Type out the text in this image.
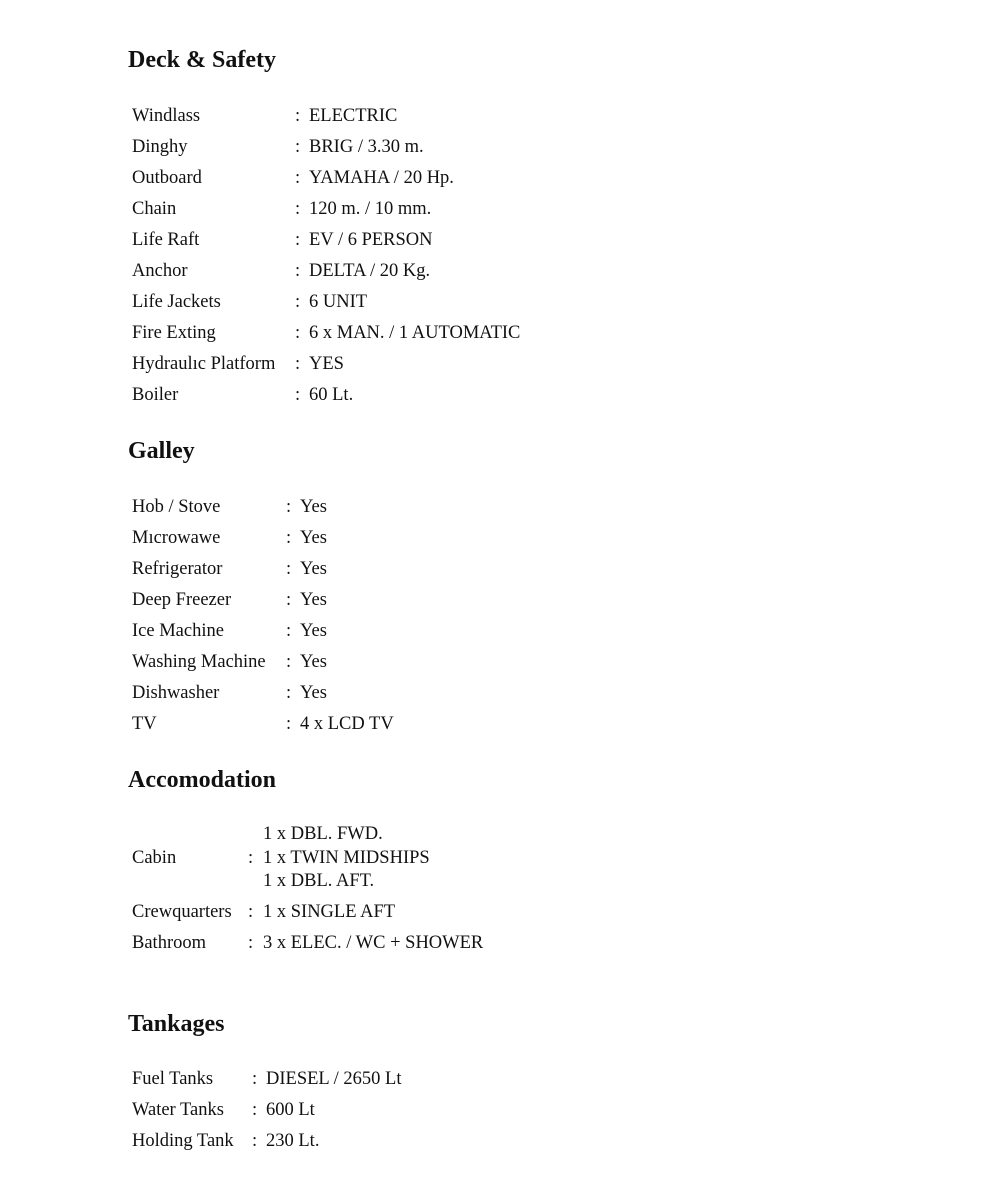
Deck & Safety
Windlass	: ELECTRIC
Dinghy	: BRIG / 3.30 m.
Outboard	: YAMAHA / 20 Hp.
Chain	: 120 m. / 10 mm.
Life Raft	: EV / 6 PERSON
Anchor	: DELTA / 20 Kg.
Life Jackets	: 6 UNIT
Fire Exting	: 6 x MAN. / 1 AUTOMATIC
Hydraulıc Platform : YES
Boiler	: 60 Lt.
Galley
Hob / Stove	: Yes
Mıcrowawe	: Yes
Refrigerator	: Yes
Deep Freezer	: Yes
Ice Machine	: Yes
Washing Machine : Yes
Dishwasher	: Yes
TV	: 4 x LCD TV
Accomodation
Cabin	:
1 x DBL. FWD.
1 x TWIN MIDSHIPS
1 x DBL. AFT.
Crewquarters : 1 x SINGLE AFT
Bathroom : 3 x ELEC. / WC + SHOWER
Tankages
Fuel Tanks : DIESEL / 2650 Lt
Water Tanks : 600 Lt
Holding Tank : 230 Lt.
